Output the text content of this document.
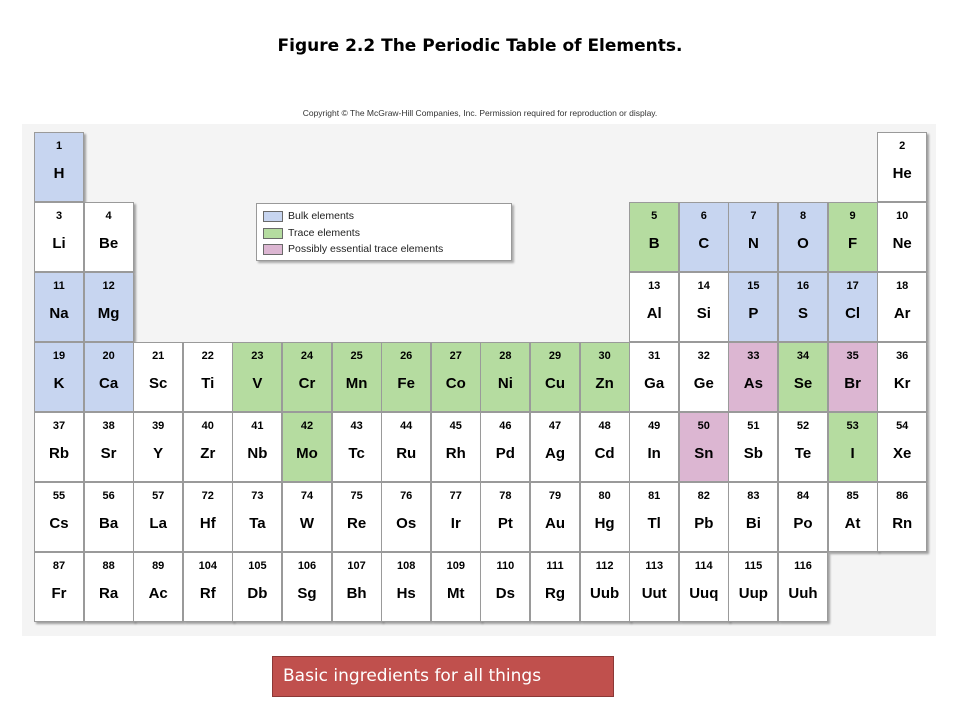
Figure 2.2 The Periodic Table of Elements.
Copyright © The McGraw-Hill Companies, Inc. Permission required for reproduction or display.
1
H
2
He
3
Li
4
Be
5
B
6
C
7
N
8
O
9
F
10
Ne
11
Na
12
Mg
13
Al
14
Si
15
P
16
S
17
Cl
18
Ar
19
K
20
Ca
21
Sc
22
Ti
23
V
24
Cr
25
Mn
26
Fe
27
Co
28
Ni
29
Cu
30
Zn
31
Ga
32
Ge
33
As
34
Se
35
Br
36
Kr
37
Rb
38
Sr
39
Y
40
Zr
41
Nb
42
Mo
43
Tc
44
Ru
45
Rh
46
Pd
47
Ag
48
Cd
49
In
50
Sn
51
Sb
52
Te
53
I
54
Xe
55
Cs
56
Ba
57
La
72
Hf
73
Ta
74
W
75
Re
76
Os
77
Ir
78
Pt
79
Au
80
Hg
81
Tl
82
Pb
83
Bi
84
Po
85
At
86
Rn
87
Fr
88
Ra
89
Ac
104
Rf
105
Db
106
Sg
107
Bh
108
Hs
109
Mt
110
Ds
111
Rg
112
Uub
113
Uut
114
Uuq
115
Uup
116
Uuh
Bulk elements
Trace elements
Possibly essential trace elements
Basic ingredients for all things
